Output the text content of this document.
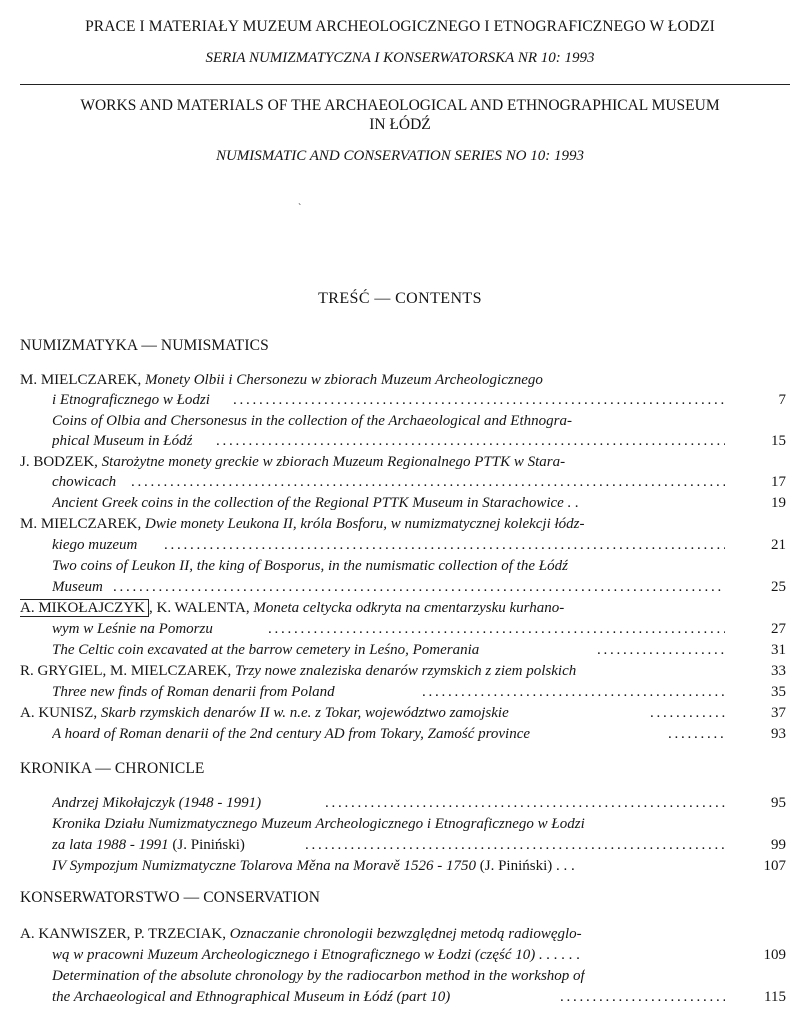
PRACE I MATERIAŁY MUZEUM ARCHEOLOGICZNEGO I ETNOGRAFICZNEGO W ŁODZI
SERIA NUMIZMATYCZNA I KONSERWATORSKA NR 10: 1993
WORKS AND MATERIALS OF THE ARCHAEOLOGICAL AND ETHNOGRAPHICAL MUSEUM
IN ŁÓDŹ
NUMISMATIC AND CONSERVATION SERIES NO 10: 1993
ˋ
TREŚĆ — CONTENTS
NUMIZMATYKA — NUMISMATICS
M. MIELCZAREK, Monety Olbii i Chersonezu w zbiorach Muzeum Archeologicznego
i Etnograficznego w Łodzi . . .	7
Coins of Olbia and Chersonesus in the collection of the Archaeological and Ethnogra-
phical Museum in Łódź . . .	15
J. BODZEK, Starożytne monety greckie w zbiorach Muzeum Regionalnego PTTK w Stara-
chowicach . . .	17
Ancient Greek coins in the collection of the Regional PTTK Museum in Starachowice . .	19
M. MIELCZAREK, Dwie monety Leukona II, króla Bosforu, w numizmatycznej kolekcji łódz-
kiego muzeum . . .	21
Two coins of Leukon II, the king of Bosporus, in the numismatic collection of the Łódź
Museum . . .	25
A. MIKOŁAJCZYK , K. WALENTA, Moneta celtycka odkryta na cmentarzysku kurhano-
wym w Leśnie na Pomorzu . . .	27
The Celtic coin excavated at the barrow cemetery in Leśno, Pomerania . . .	31
R. GRYGIEL, M. MIELCZAREK, Trzy nowe znaleziska denarów rzymskich z ziem polskich	33
Three new finds of Roman denarii from Poland . . .	35
A. KUNISZ, Skarb rzymskich denarów II w. n.e. z Tokar, województwo zamojskie . . .	37
A hoard of Roman denarii of the 2nd century AD from Tokary, Zamość province . . .	93
KRONIKA — CHRONICLE
Andrzej Mikołajczyk (1948 - 1991) . . .	95
Kronika Działu Numizmatycznego Muzeum Archeologicznego i Etnograficznego w Łodzi
za lata 1988 - 1991 (J. Piniński) . . .	99
IV Sympozjum Numizmatyczne Tolarova Měna na Moravě 1526 - 1750 (J. Piniński) . . .	107
KONSERWATORSTWO — CONSERVATION
A. KANWISZER, P. TRZECIAK, Oznaczanie chronologii bezwzględnej metodą radiowęglo-
wą w pracowni Muzeum Archeologicznego i Etnograficznego w Łodzi (część 10) . . . . . .	109
Determination of the absolute chronology by the radiocarbon method in the workshop of
the Archaeological and Ethnographical Museum in Łódź (part 10) . . .	115
